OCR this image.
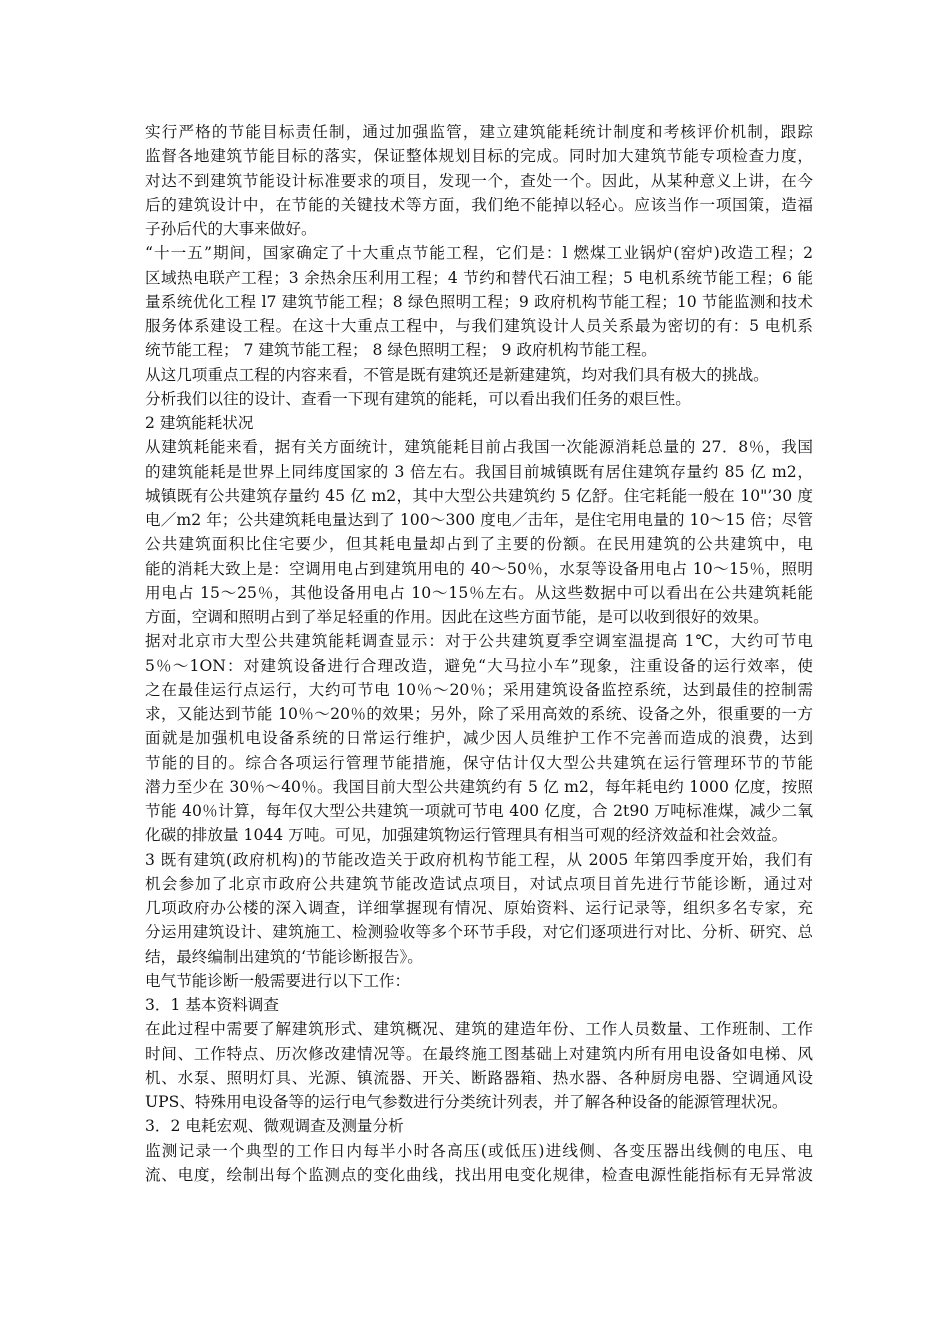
实行严格的节能目标责任制，通过加强监管，建立建筑能耗统计制度和考核评价机制，跟踪
监督各地建筑节能目标的落实，保证整体规划目标的完成。同时加大建筑节能专项检查力度，
对达不到建筑节能设计标准要求的项目，发现一个，查处一个。因此，从某种意义上讲，在今
后的建筑设计中，在节能的关键技术等方面，我们绝不能掉以轻心。应该当作一项国策，造福
子孙后代的大事来做好。
“十一五”期间，国家确定了十大重点节能工程，它们是：l 燃煤工业锅炉(窑炉)改造工程；2
区域热电联产工程；3 余热余压利用工程；4 节约和替代石油工程；5 电机系统节能工程；6 能
量系统优化工程 l7 建筑节能工程；8 绿色照明工程；9 政府机构节能工程；10 节能监测和技术
服务体系建设工程。在这十大重点工程中，与我们建筑设计人员关系最为密切的有：5 电机系
统节能工程； 7 建筑节能工程； 8 绿色照明工程； 9 政府机构节能工程。
从这几项重点工程的内容来看，不管是既有建筑还是新建建筑，均对我们具有极大的挑战。
分析我们以往的设计、查看一下现有建筑的能耗，可以看出我们任务的艰巨性。
2 建筑能耗状况
从建筑耗能来看，据有关方面统计，建筑能耗目前占我国一次能源消耗总量的 27．8％，我国
的建筑能耗是世界上同纬度国家的 3 倍左右。我国目前城镇既有居住建筑存量约 85 亿 m2，
城镇既有公共建筑存量约 45 亿 m2，其中大型公共建筑约 5 亿舒。住宅耗能一般在 10"’30 度
电／m2 年；公共建筑耗电量达到了 100～300 度电／击年，是住宅用电量的 10～15 倍；尽管
公共建筑面积比住宅要少，但其耗电量却占到了主要的份额。在民用建筑的公共建筑中，电
能的消耗大致上是：空调用电占到建筑用电的 40～50％，水泵等设备用电占 10～15％，照明
用电占 15～25％，其他设备用电占 10～15％左右。从这些数据中可以看出在公共建筑耗能
方面，空调和照明占到了举足轻重的作用。因此在这些方面节能，是可以收到很好的效果。
据对北京市大型公共建筑能耗调查显示：对于公共建筑夏季空调室温提高 1℃，大约可节电
5％～1ON：对建筑设备进行合理改造，避免“大马拉小车”现象，注重设备的运行效率，使
之在最佳运行点运行，大约可节电 10％～20％；采用建筑设备监控系统，达到最佳的控制需
求，又能达到节能 10％～20％的效果；另外，除了采用高效的系统、设备之外，很重要的一方
面就是加强机电设备系统的日常运行维护，减少因人员维护工作不完善而造成的浪费，达到
节能的目的。综合各项运行管理节能措施，保守估计仅大型公共建筑在运行管理环节的节能
潜力至少在 30％～40％。我国目前大型公共建筑约有 5 亿 m2，每年耗电约 1000 亿度，按照
节能 40％计算，每年仅大型公共建筑一项就可节电 400 亿度，合 2t90 万吨标准煤，减少二氧
化碳的排放量 1044 万吨。可见，加强建筑物运行管理具有相当可观的经济效益和社会效益。
3 既有建筑(政府机构)的节能改造关于政府机构节能工程，从 2005 年第四季度开始，我们有
机会参加了北京市政府公共建筑节能改造试点项目，对试点项目首先进行节能诊断，通过对
几项政府办公楼的深入调查，详细掌握现有情况、原始资料、运行记录等，组织多名专家，充
分运用建筑设计、建筑施工、检测验收等多个环节手段，对它们逐项进行对比、分析、研究、总
结，最终编制出建筑的‘节能诊断报告》。
电气节能诊断一般需要进行以下工作：
3．1 基本资料调查
在此过程中需要了解建筑形式、建筑概况、建筑的建造年份、工作人员数量、工作班制、工作
时间、工作特点、历次修改建情况等。在最终施工图基础上对建筑内所有用电设备如电梯、风
机、水泵、照明灯具、光源、镇流器、开关、断路器箱、热水器、各种厨房电器、空调通风设
UPS、特殊用电设备等的运行电气参数进行分类统计列表，并了解各种设备的能源管理状况。
3．2 电耗宏观、微观调查及测量分析
监测记录一个典型的工作日内每半小时各高压(或低压)进线侧、各变压器出线侧的电压、电
流、电度，绘制出每个监测点的变化曲线，找出用电变化规律，检查电源性能指标有无异常波
